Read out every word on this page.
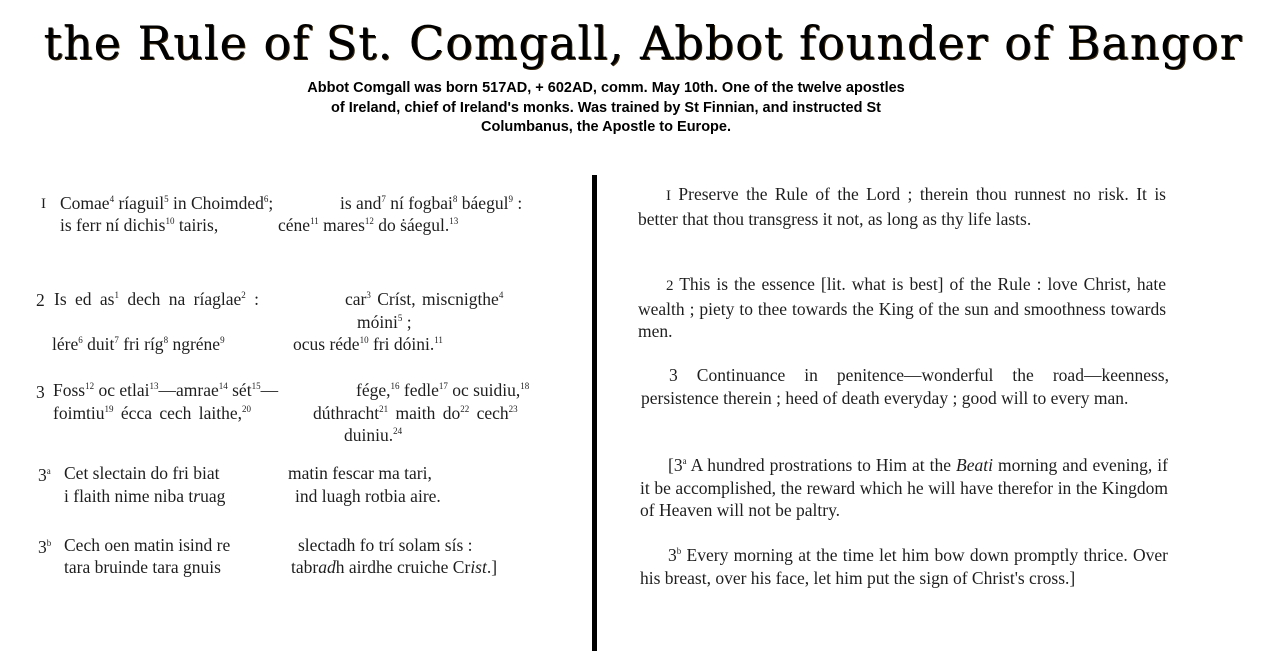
the Rule of St. Comgall, Abbot founder of Bangor
Abbot Comgall was born 517AD, + 602AD, comm. May 10th. One of the twelve apostles of Ireland, chief of Ireland's monks. Was trained by St Finnian, and instructed St Columbanus, the Apostle to Europe.
I Comae$^4$ ríaguil$^5$ in Choimded$^6$;	is and$^7$ ní fogbai$^8$ báegul$^9$ :
is ferr ní dichis$^{10}$ tairis,	céne$^{11}$ mares$^{12}$ do ṡáegul.$^{13}$
2 Is ed $as^1$ dech na ríaglae$^2$ :	car$^3$ Críst, miscnigthe$^4$
móini$^5$ ;
lére$^6$ duit$^7$ fri ríg$^8$ ngréne$^9$	ocus réde$^{10}$ fri dóini.$^{11}$
3 Foss$^{12}$ oc etlai$^{13}$—amrae$^{14}$ sét$^{15}$—	fége,$^{16}$ fedle$^{17}$ oc suidiu,$^{18}$
foimtiu$^{19}$ écca cech laithe,$^{20}$	dúthracht$^{21}$ maith $do^{22}$ cech$^{23}$
duiniu.$^{24}$
3$^a$ Cet slectain do fri biat	matin fescar ma tari,
i flaith nime niba truag	ind luagh rotbia aire.
3$^b$ Cech oen matin isind re	slectadh fo trí solam sís :
tara bruinde tara gnuis	tabradh airdhe cruiche Crist.]
I Preserve the Rule of the Lord ; therein thou runnest no risk. It is better that thou transgress it not, as long as thy life lasts.
2 This is the essence [lit. what is best] of the Rule : love Christ, hate wealth ; piety to thee towards the King of the sun and smoothness towards men.
3 Continuance in penitence—wonderful the road—keenness, persistence therein ; heed of death everyday ; good will to every man.
[3$^a$ A hundred prostrations to Him at the Beati morning and evening, if it be accomplished, the reward which he will have therefor in the Kingdom of Heaven will not be paltry.
3$^b$ Every morning at the time let him bow down promptly thrice. Over his breast, over his face, let him put the sign of Christ's cross.]
